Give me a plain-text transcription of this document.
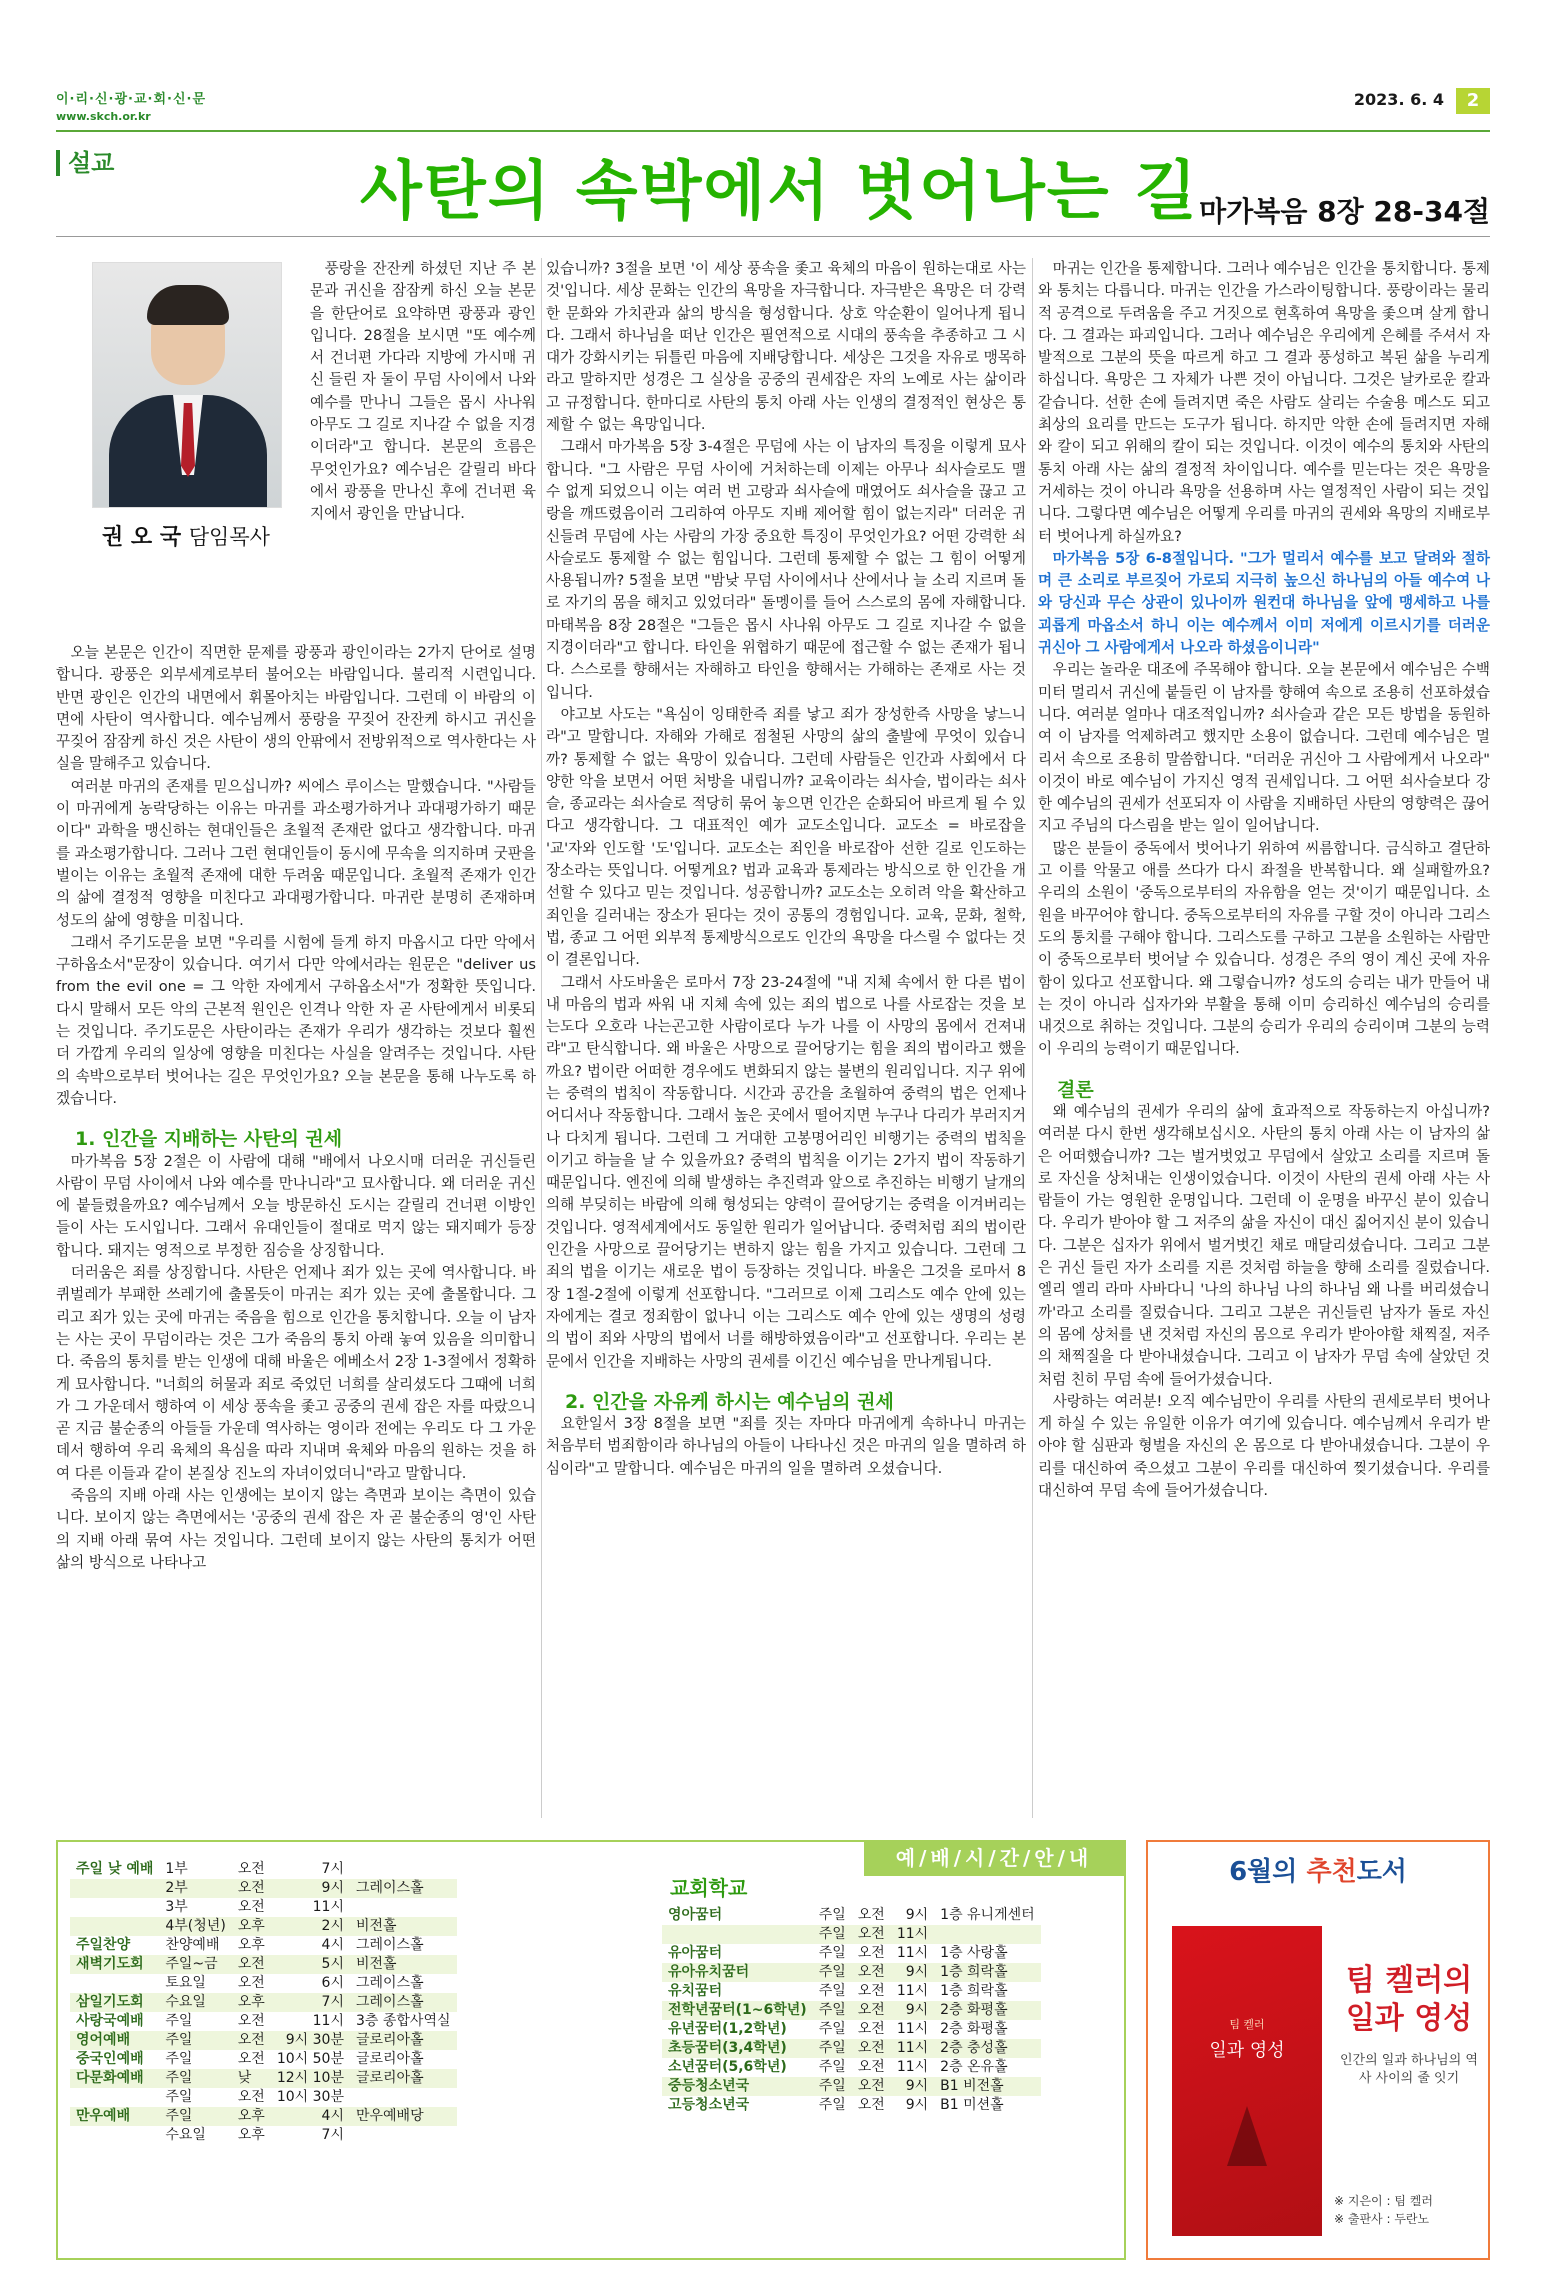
이·리·신·광·교·회·신·문
www.skch.or.kr
2023. 6. 4	2
설교	사탄의 속박에서 벗어나는 길 마가복음 8장 28-34절
권 오 국 담임목사

풍랑을 잔잔케 하셨던 지난 주 본문과 귀신을 잠잠케 하신 오늘 본문을 한단어로 요약하면 광풍과 광인입니다. 28절을 보시면 "또 예수께서 건너편 가다라 지방에 가시매 귀신 들린 자 둘이 무덤 사이에서 나와 예수를 만나니 그들은 몹시 사나워 아무도 그 길로 지나갈 수 없을 지경이더라"고 합니다. 본문의 흐름은 무엇인가요? 예수님은 갈릴리 바다에서 광풍을 만나신 후에 건너편 육지에서 광인을 만납니다.

오늘 본문은 인간이 직면한 문제를 광풍과 광인이라는 2가지 단어로 설명합니다. 광풍은 외부세계로부터 불어오는 바람입니다. 불리적 시련입니다. 반면 광인은 인간의 내면에서 휘몰아치는 바람입니다. 그런데 이 바람의 이면에 사탄이 역사합니다. 예수님께서 풍랑을 꾸짖어 잔잔케 하시고 귀신을 꾸짖어 잠잠케 하신 것은 사탄이 생의 안팎에서 전방위적으로 역사한다는 사실을 말해주고 있습니다.

여러분 마귀의 존재를 믿으십니까? 씨에스 루이스는 말했습니다. "사람들이 마귀에게 농락당하는 이유는 마귀를 과소평가하거나 과대평가하기 때문이다" 과학을 맹신하는 현대인들은 초월적 존재란 없다고 생각합니다. 마귀를 과소평가합니다. 그러나 그런 현대인들이 동시에 무속을 의지하며 굿판을 벌이는 이유는 초월적 존재에 대한 두려움 때문입니다. 초월적 존재가 인간의 삶에 결정적 영향을 미친다고 과대평가합니다. 마귀란 분명히 존재하며 성도의 삶에 영향을 미칩니다.

그래서 주기도문을 보면 "우리를 시험에 들게 하지 마옵시고 다만 악에서 구하옵소서"문장이 있습니다. 여기서 다만 악에서라는 원문은 "deliver us from the evil one = 그 악한 자에게서 구하옵소서"가 정확한 뜻입니다. 다시 말해서 모든 악의 근본적 원인은 인격나 악한 자 곧 사탄에게서 비롯되는 것입니다. 주기도문은 사탄이라는 존재가 우리가 생각하는 것보다 훨씬 더 가깝게 우리의 일상에 영향을 미친다는 사실을 알려주는 것입니다. 사탄의 속박으로부터 벗어나는 길은 무엇인가요? 오늘 본문을 통해 나누도록 하겠습니다.

1. 인간을 지배하는 사탄의 권세

마가복음 5장 2절은 이 사람에 대해 "배에서 나오시매 더러운 귀신들린 사람이 무덤 사이에서 나와 예수를 만나니라"고 묘사합니다. 왜 더러운 귀신에 붙들렸을까요? 예수님께서 오늘 방문하신 도시는 갈릴리 건너편 이방인들이 사는 도시입니다. 그래서 유대인들이 절대로 먹지 않는 돼지떼가 등장합니다. 돼지는 영적으로 부정한 짐승을 상징합니다.

더러움은 죄를 상징합니다. 사탄은 언제나 죄가 있는 곳에 역사합니다. 바퀴벌레가 부패한 쓰레기에 출몰듯이 마귀는 죄가 있는 곳에 출몰합니다. 그리고 죄가 있는 곳에 마귀는 죽음을 힘으로 인간을 통치합니다. 오늘 이 남자는 사는 곳이 무덤이라는 것은 그가 죽음의 통치 아래 놓여 있음을 의미합니다. 죽음의 통치를 받는 인생에 대해 바울은 에베소서 2장 1-3절에서 정확하게 묘사합니다. "너희의 허물과 죄로 죽었던 너희를 살리셨도다 그때에 너희가 그 가운데서 행하여 이 세상 풍속을 좇고 공중의 권세 잡은 자를 따랐으니 곧 지금 불순종의 아들들 가운데 역사하는 영이라 전에는 우리도 다 그 가운데서 행하여 우리 육체의 욕심을 따라 지내며 육체와 마음의 원하는 것을 하여 다른 이들과 같이 본질상 진노의 자녀이었더니"라고 말합니다.

죽음의 지배 아래 사는 인생에는 보이지 않는 측면과 보이는 측면이 있습니다. 보이지 않는 측면에서는 '공중의 권세 잡은 자 곧 불순종의 영'인 사탄의 지배 아래 묶여 사는 것입니다. 그런데 보이지 않는 사탄의 통치가 어떤 삶의 방식으로 나타나고

있습니까? 3절을 보면 '이 세상 풍속을 좇고 육체의 마음이 원하는대로 사는 것'입니다. 세상 문화는 인간의 욕망을 자극합니다. 자극받은 욕망은 더 강력한 문화와 가치관과 삶의 방식을 형성합니다. 상호 악순환이 일어나게 됩니다. 그래서 하나님을 떠난 인간은 필연적으로 시대의 풍속을 추종하고 그 시대가 강화시키는 뒤틀린 마음에 지배당합니다. 세상은 그것을 자유로 맹목하라고 말하지만 성경은 그 실상을 공중의 권세잡은 자의 노예로 사는 삶이라고 규정합니다. 한마디로 사탄의 통치 아래 사는 인생의 결정적인 현상은 통제할 수 없는 욕망입니다.

그래서 마가복음 5장 3-4절은 무덤에 사는 이 남자의 특징을 이렇게 묘사합니다. "그 사람은 무덤 사이에 거처하는데 이제는 아무나 쇠사슬로도 맬 수 없게 되었으니 이는 여러 번 고랑과 쇠사슬에 매였어도 쇠사슬을 끊고 고랑을 깨뜨렸음이러 그리하여 아무도 지배 제어할 힘이 없는지라" 더러운 귀신들려 무덤에 사는 사람의 가장 중요한 특징이 무엇인가요? 어떤 강력한 쇠사슬로도 통제할 수 없는 힘입니다. 그런데 통제할 수 없는 그 힘이 어떻게 사용됩니까? 5절을 보면 "밤낮 무덤 사이에서나 산에서나 늘 소리 지르며 돌로 자기의 몸을 해치고 있었더라" 돌멩이를 들어 스스로의 몸에 자해합니다. 마태복음 8장 28절은 "그들은 몹시 사나워 아무도 그 길로 지나갈 수 없을 지경이더라"고 합니다. 타인을 위협하기 때문에 접근할 수 없는 존재가 됩니다. 스스로를 향해서는 자해하고 타인을 향해서는 가해하는 존재로 사는 것입니다.

야고보 사도는 "욕심이 잉태한즉 죄를 낳고 죄가 장성한즉 사망을 낳느니라"고 말합니다. 자해와 가해로 점철된 사망의 삶의 출발에 무엇이 있습니까? 통제할 수 없는 욕망이 있습니다. 그런데 사람들은 인간과 사회에서 다양한 악을 보면서 어떤 처방을 내립니까? 교육이라는 쇠사슬, 법이라는 쇠사슬, 종교라는 쇠사슬로 적당히 묶어 놓으면 인간은 순화되어 바르게 될 수 있다고 생각합니다. 그 대표적인 예가 교도소입니다. 교도소 = 바로잡을 '교'자와 인도할 '도'입니다. 교도소는 죄인을 바로잡아 선한 길로 인도하는 장소라는 뜻입니다. 어떻게요? 법과 교육과 통제라는 방식으로 한 인간을 개선할 수 있다고 믿는 것입니다. 성공합니까? 교도소는 오히려 악을 확산하고 죄인을 길러내는 장소가 된다는 것이 공통의 경험입니다. 교육, 문화, 철학, 법, 종교 그 어떤 외부적 통제방식으로도 인간의 욕망을 다스릴 수 없다는 것이 결론입니다.

그래서 사도바울은 로마서 7장 23-24절에 "내 지체 속에서 한 다른 법이 내 마음의 법과 싸워 내 지체 속에 있는 죄의 법으로 나를 사로잡는 것을 보는도다 오호라 나는곤고한 사람이로다 누가 나를 이 사망의 몸에서 건져내랴"고 탄식합니다. 왜 바울은 사망으로 끌어당기는 힘을 죄의 법이라고 했을까요? 법이란 어떠한 경우에도 변화되지 않는 불변의 원리입니다. 지구 위에는 중력의 법칙이 작동합니다. 시간과 공간을 초월하여 중력의 법은 언제나 어디서나 작동합니다. 그래서 높은 곳에서 떨어지면 누구나 다리가 부러지거나 다치게 됩니다. 그런데 그 거대한 고봉명어리인 비행기는 중력의 법칙을 이기고 하늘을 날 수 있을까요? 중력의 법칙을 이기는 2가지 법이 작동하기 때문입니다. 엔진에 의해 발생하는 추진력과 앞으로 추진하는 비행기 날개의 의해 부딪히는 바람에 의해 형성되는 양력이 끌어당기는 중력을 이겨버리는 것입니다. 영적세계에서도 동일한 원리가 일어납니다. 중력처럼 죄의 법이란 인간을 사망으로 끌어당기는 변하지 않는 힘을 가지고 있습니다. 그런데 그 죄의 법을 이기는 새로운 법이 등장하는 것입니다. 바울은 그것을 로마서 8장 1절-2절에 이렇게 선포합니다. "그러므로 이제 그리스도 예수 안에 있는 자에게는 결코 정죄함이 없나니 이는 그리스도 예수 안에 있는 생명의 성령의 법이 죄와 사망의 법에서 너를 해방하였음이라"고 선포합니다. 우리는 본문에서 인간을 지배하는 사망의 권세를 이긴신 예수님을 만나게됩니다.

2. 인간을 자유케 하시는 예수님의 권세

요한일서 3장 8절을 보면 "죄를 짓는 자마다 마귀에게 속하나니 마귀는 처음부터 범죄함이라 하나님의 아들이 나타나신 것은 마귀의 일을 멸하려 하심이라"고 말합니다. 예수님은 마귀의 일을 멸하려 오셨습니다.

마귀는 인간을 통제합니다. 그러나 예수님은 인간을 통치합니다. 통제와 통치는 다릅니다. 마귀는 인간을 가스라이팅합니다. 풍랑이라는 물리적 공격으로 두려움을 주고 거짓으로 현혹하여 욕망을 좇으며 살게 합니다. 그 결과는 파괴입니다. 그러나 예수님은 우리에게 은혜를 주셔서 자발적으로 그분의 뜻을 따르게 하고 그 결과 풍성하고 복된 삶을 누리게 하십니다. 욕망은 그 자체가 나쁜 것이 아닙니다. 그것은 날카로운 칼과 같습니다. 선한 손에 들려지면 죽은 사람도 살리는 수술용 메스도 되고 최상의 요리를 만드는 도구가 됩니다. 하지만 악한 손에 들려지면 자해와 칼이 되고 위해의 칼이 되는 것입니다. 이것이 예수의 통치와 사탄의 통치 아래 사는 삶의 결정적 차이입니다. 예수를 믿는다는 것은 욕망을 거세하는 것이 아니라 욕망을 선용하며 사는 열정적인 사람이 되는 것입니다. 그렇다면 예수님은 어떻게 우리를 마귀의 권세와 욕망의 지배로부터 벗어나게 하실까요?

마가복음 5장 6-8절입니다. "그가 멀리서 예수를 보고 달려와 절하며 큰 소리로 부르짖어 가로되 지극히 높으신 하나님의 아들 예수여 나와 당신과 무슨 상관이 있나이까 원컨대 하나님을 앞에 맹세하고 나를 괴롭게 마옵소서 하니 이는 예수께서 이미 저에게 이르시기를 더러운 귀신아 그 사람에게서 나오라 하셨음이니라"

우리는 놀라운 대조에 주목해야 합니다. 오늘 본문에서 예수님은 수백미터 멀리서 귀신에 붙들린 이 남자를 향해여 속으로 조용히 선포하셨습니다. 여러분 얼마나 대조적입니까? 쇠사슬과 같은 모든 방법을 동원하여 이 남자를 억제하려고 했지만 소용이 없습니다. 그런데 예수님은 멀리서 속으로 조용히 말씀합니다. "더러운 귀신아 그 사람에게서 나오라" 이것이 바로 예수님이 가지신 영적 권세입니다. 그 어떤 쇠사슬보다 강한 예수님의 권세가 선포되자 이 사람을 지배하던 사탄의 영향력은 끊어지고 주님의 다스림을 받는 일이 일어납니다.

많은 분들이 중독에서 벗어나기 위하여 씨름합니다. 금식하고 결단하고 이를 악물고 애를 쓰다가 다시 좌절을 반복합니다. 왜 실패할까요? 우리의 소원이 '중독으로부터의 자유함을 얻는 것'이기 때문입니다. 소원을 바꾸어야 합니다. 중독으로부터의 자유를 구할 것이 아니라 그리스도의 통치를 구해야 합니다. 그리스도를 구하고 그분을 소원하는 사람만이 중독으로부터 벗어날 수 있습니다. 성경은 주의 영이 계신 곳에 자유함이 있다고 선포합니다. 왜 그렇습니까? 성도의 승리는 내가 만들어 내는 것이 아니라 십자가와 부활을 통해 이미 승리하신 예수님의 승리를 내것으로 취하는 것입니다. 그분의 승리가 우리의 승리이며 그분의 능력이 우리의 능력이기 때문입니다.

결론

왜 예수님의 권세가 우리의 삶에 효과적으로 작동하는지 아십니까? 여러분 다시 한번 생각해보십시오. 사탄의 통치 아래 사는 이 남자의 삶은 어떠했습니까? 그는 벌거벗었고 무덤에서 살았고 소리를 지르며 돌로 자신을 상처내는 인생이었습니다. 이것이 사탄의 권세 아래 사는 사람들이 가는 영원한 운명입니다. 그런데 이 운명을 바꾸신 분이 있습니다. 우리가 받아야 할 그 저주의 삶을 자신이 대신 짊어지신 분이 있습니다. 그분은 십자가 위에서 벌거벗긴 채로 매달리셨습니다. 그리고 그분은 귀신 들린 자가 소리를 지른 것처럼 하늘을 향해 소리를 질렀습니다. 엘리 엘리 라마 사바다니 '나의 하나님 나의 하나님 왜 나를 버리셨습니까'라고 소리를 질렀습니다. 그리고 그분은 귀신들린 남자가 돌로 자신의 몸에 상처를 낸 것처럼 자신의 몸으로 우리가 받아야할 채찍질, 저주의 채찍질을 다 받아내셨습니다. 그리고 이 남자가 무덤 속에 살았던 것처럼 친히 무덤 속에 들어가셨습니다.

사랑하는 여러분! 오직 예수님만이 우리를 사탄의 권세로부터 벗어나게 하실 수 있는 유일한 이유가 여기에 있습니다. 예수님께서 우리가 받아야 할 심판과 형벌을 자신의 온 몸으로 다 받아내셨습니다. 그분이 우리를 대신하여 죽으셨고 그분이 우리를 대신하여 찢기셨습니다. 우리를 대신하여 무덤 속에 들어가셨습니다.

예/배/시/간/안/내
주일 낮 예배	1부	오전	7시	
	2부	오전	9시	그레이스홀
	3부	오전	11시	
	4부(청년)	오후	2시	비전홀
주일찬양	찬양예배	오후	4시	그레이스홀
새벽기도회	주일~금	오전	5시	비전홀
	토요일	오전	6시	그레이스홀
삼일기도회	수요일	오후	7시	그레이스홀
사랑국예배	주일	오전	11시	3층 종합사역실
영어예배	주일	오전	9시 30분	글로리아홀
중국인예배	주일	오전	10시 50분	글로리아홀
다문화예배	주일	낮	12시 10분	글로리아홀
	주일	오전	10시 30분	
만우예배	주일	오후	4시	만우예배당
	수요일	오후	7시	
교회학교
영아꿈터	주일	오전	9시	1층 유니게센터
	주일	오전	11시	
유아꿈터	주일	오전	11시	1층 사랑홀
유아유치꿈터	주일	오전	9시	1층 희락홀
유치꿈터	주일	오전	11시	1층 희락홀
전학년꿈터(1~6학년)	주일	오전	9시	2층 화평홀
유년꿈터(1,2학년)	주일	오전	11시	2층 화평홀
초등꿈터(3,4학년)	주일	오전	11시	2층 충성홀
소년꿈터(5,6학년)	주일	오전	11시	2층 온유홀
중등청소년국	주일	오전	9시	B1 비전홀
고등청소년국	주일	오전	9시	B1 미션홀
6월의 추천도서
팀 켈러
일과 영성
팀 켈러의
일과 영성
인간의 일과 하나님의 역사 사이의 줄 잇기
※ 지은이 : 팀 켈러
※ 출판사 : 두란노
